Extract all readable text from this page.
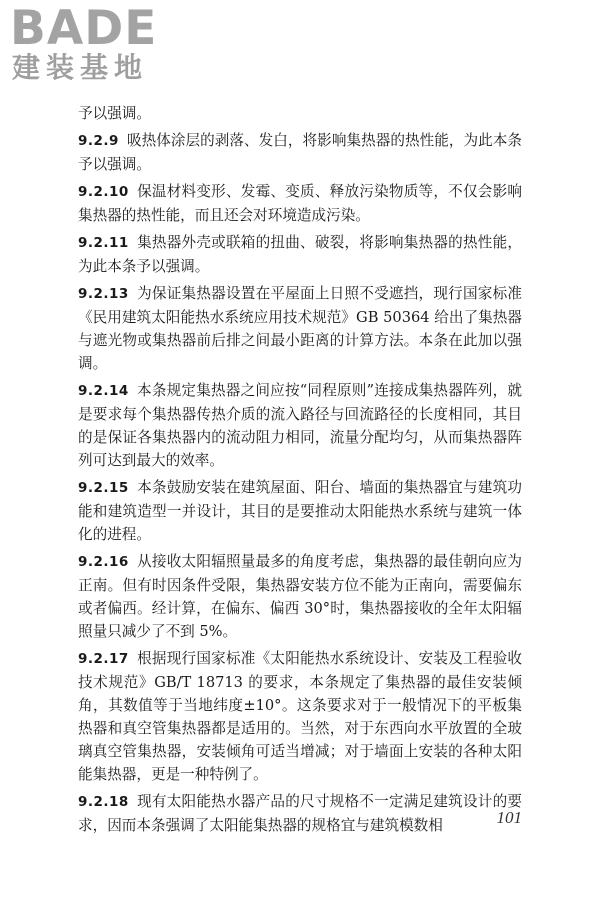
BADE
建装基地

予以强调。

9.2.9 吸热体涂层的剥落、发白，将影响集热器的热性能，为此本条予以强调。

9.2.10 保温材料变形、发霉、变质、释放污染物质等，不仅会影响集热器的热性能，而且还会对环境造成污染。

9.2.11 集热器外壳或联箱的扭曲、破裂，将影响集热器的热性能，为此本条予以强调。

9.2.13 为保证集热器设置在平屋面上日照不受遮挡，现行国家标准《民用建筑太阳能热水系统应用技术规范》GB 50364 给出了集热器与遮光物或集热器前后排之间最小距离的计算方法。本条在此加以强调。

9.2.14 本条规定集热器之间应按“同程原则”连接成集热器阵列，就是要求每个集热器传热介质的流入路径与回流路径的长度相同，其目的是保证各集热器内的流动阻力相同，流量分配均匀，从而集热器阵列可达到最大的效率。

9.2.15 本条鼓励安装在建筑屋面、阳台、墙面的集热器宜与建筑功能和建筑造型一并设计，其目的是要推动太阳能热水系统与建筑一体化的进程。

9.2.16 从接收太阳辐照量最多的角度考虑，集热器的最佳朝向应为正南。但有时因条件受限，集热器安装方位不能为正南向，需要偏东或者偏西。经计算，在偏东、偏西 30°时，集热器接收的全年太阳辐照量只减少了不到 5%。

9.2.17 根据现行国家标准《太阳能热水系统设计、安装及工程验收技术规范》GB/T 18713 的要求，本条规定了集热器的最佳安装倾角，其数值等于当地纬度±10°。这条要求对于一般情况下的平板集热器和真空管集热器都是适用的。当然，对于东西向水平放置的全玻璃真空管集热器，安装倾角可适当增减；对于墙面上安装的各种太阳能集热器，更是一种特例了。

9.2.18 现有太阳能热水器产品的尺寸规格不一定满足建筑设计的要求，因而本条强调了太阳能集热器的规格宜与建筑模数相	101
